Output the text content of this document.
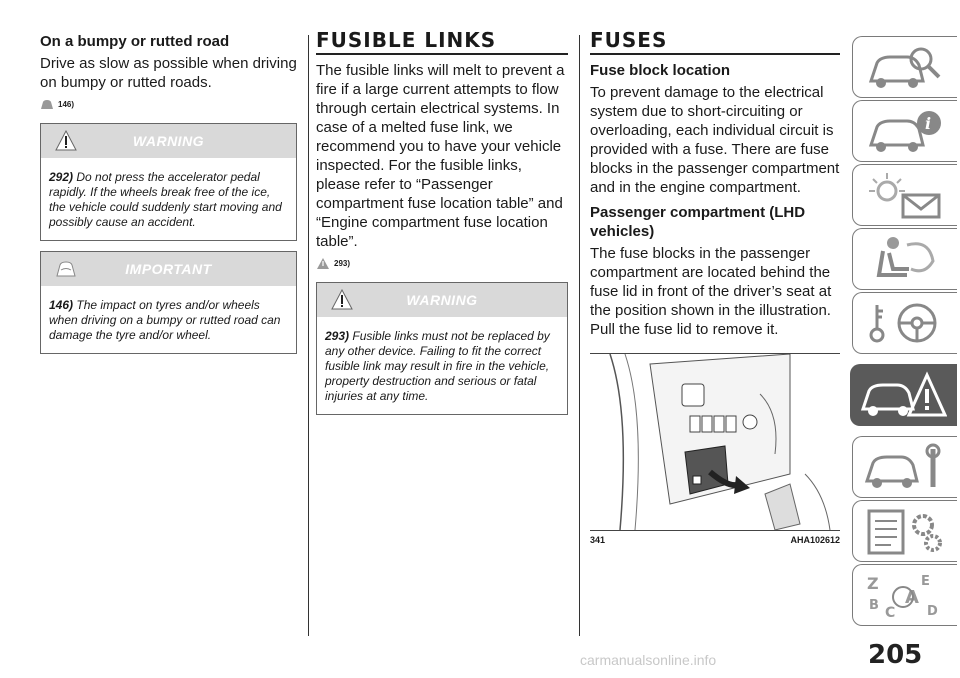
On a bumpy or rutted road
Drive as slow as possible when driving on bumpy or rutted roads.
146)
WARNING
292) Do not press the accelerator pedal rapidly. If the wheels break free of the ice, the vehicle could suddenly start moving and possibly cause an accident.
IMPORTANT
146) The impact on tyres and/or wheels when driving on a bumpy or rutted road can damage the tyre and/or wheel.
FUSIBLE LINKS
The fusible links will melt to prevent a fire if a large current attempts to flow through certain electrical systems. In case of a melted fuse link, we recommend you to have your vehicle inspected. For the fusible links, please refer to “Passenger compartment fuse location table” and “Engine compartment fuse location table”.
293)
WARNING
293) Fusible links must not be replaced by any other device. Failing to fit the correct fusible link may result in fire in the vehicle, property destruction and serious or fatal injuries at any time.
FUSES
Fuse block location
To prevent damage to the electrical system due to short-circuiting or overloading, each individual circuit is provided with a fuse. There are fuse blocks in the passenger compartment and in the engine compartment.
Passenger compartment (LHD vehicles)
The fuse blocks in the passenger compartment are located behind the fuse lid in front of the driver’s seat at the position shown in the illustration. Pull the fuse lid to remove it.
341	AHA102612
i
Z	E
A
B C D
205
carmanualsonline.info
